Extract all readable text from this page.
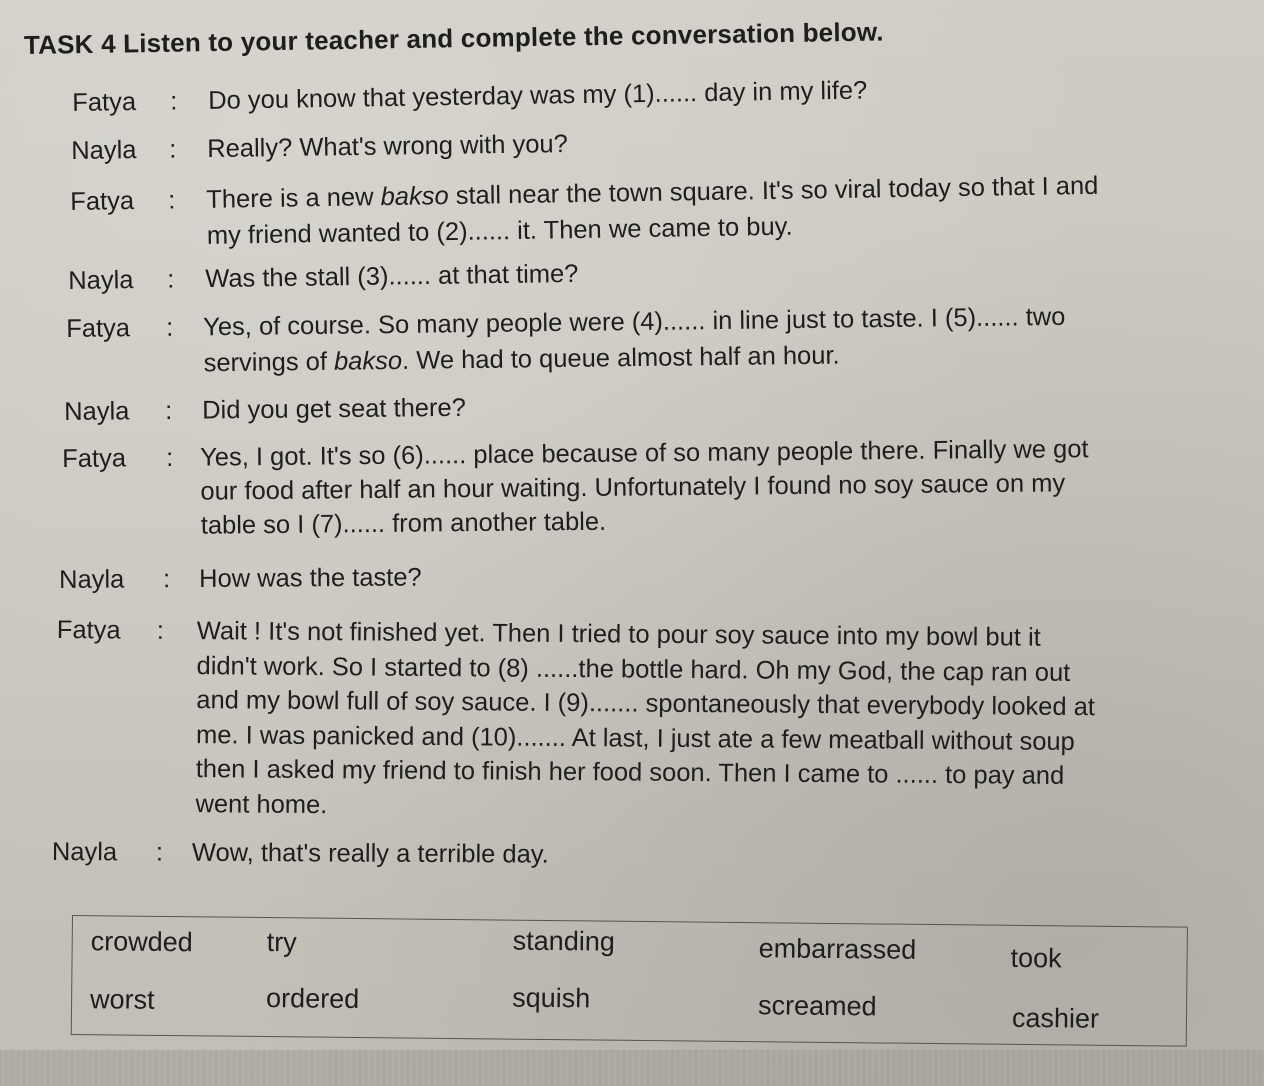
TASK 4 Listen to your teacher and complete the conversation below.
Fatya : Do you know that yesterday was my (1)...... day in my life?
Nayla : Really? What's wrong with you?
Fatya : There is a new bakso stall near the town square. It's so viral today so that I and
my friend wanted to (2)...... it. Then we came to buy.
Nayla : Was the stall (3)...... at that time?
Fatya : Yes, of course. So many people were (4)...... in line just to taste. I (5)...... two
servings of bakso. We had to queue almost half an hour.
Nayla : Did you get seat there?
Fatya : Yes, I got. It's so (6)...... place because of so many people there. Finally we got
our food after half an hour waiting. Unfortunately I found no soy sauce on my
table so I (7)...... from another table.
Nayla : How was the taste?
Fatya : Wait ! It's not finished yet. Then I tried to pour soy sauce into my bowl but it
didn't work. So I started to (8) ......the bottle hard. Oh my God, the cap ran out
and my bowl full of soy sauce. I (9)....... spontaneously that everybody looked at
me. I was panicked and (10)....... At last, I just ate a few meatball without soup
then I asked my friend to finish her food soon. Then I came to ...... to pay and
went home.
Nayla : Wow, that's really a terrible day.
crowded	try	standing	embarrassed	took
worst	ordered	squish	screamed	cashier
